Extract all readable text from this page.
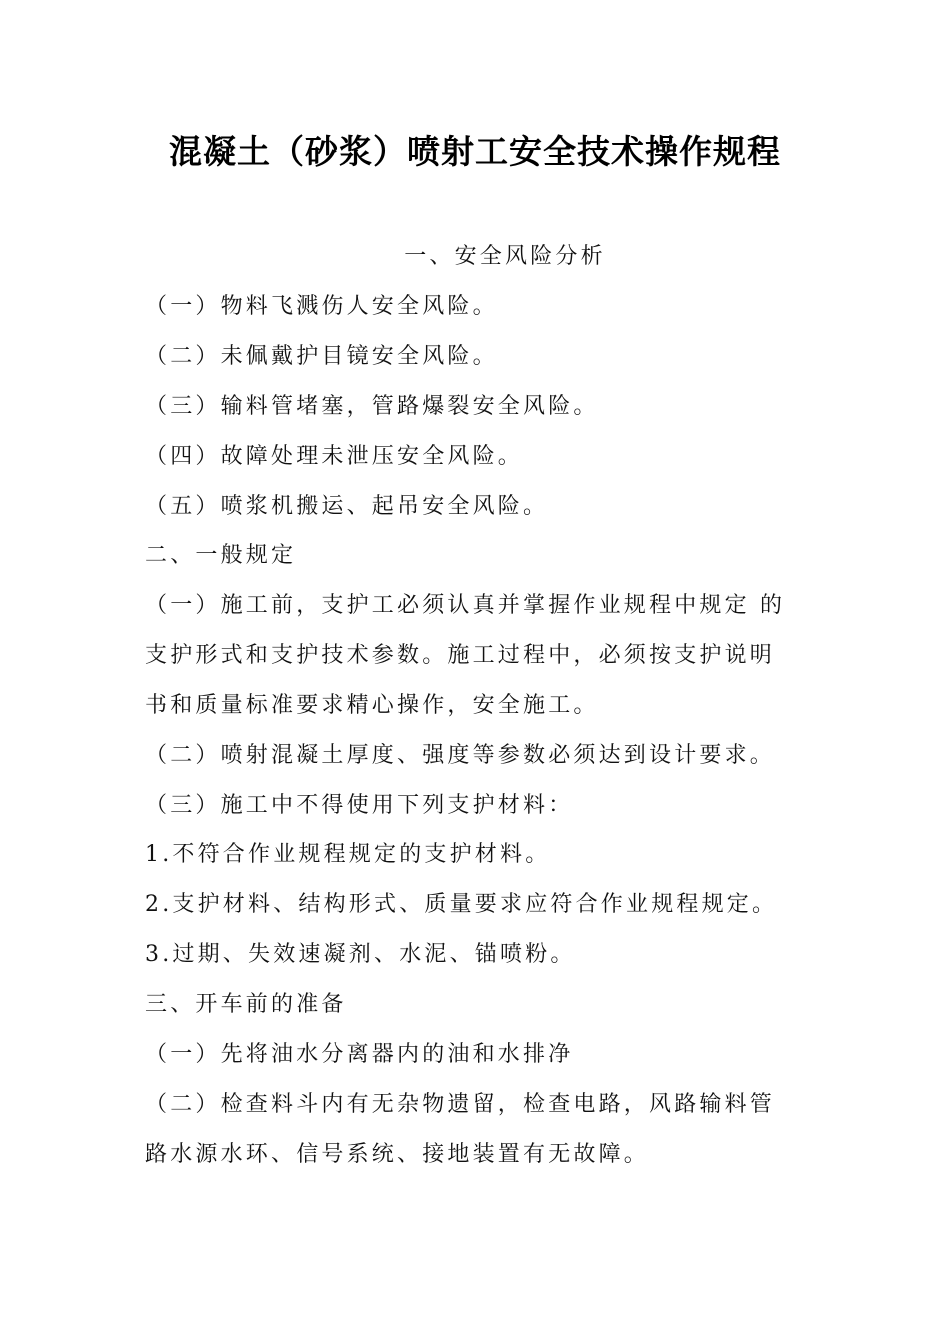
混凝土（砂浆）喷射工安全技术操作规程
一、安全风险分析
（一）物料飞溅伤人安全风险。
（二）未佩戴护目镜安全风险。
（三）输料管堵塞，管路爆裂安全风险。
（四）故障处理未泄压安全风险。
（五）喷浆机搬运、起吊安全风险。
二、一般规定
（一）施工前，支护工必须认真并掌握作业规程中规定 的
支护形式和支护技术参数。施工过程中，必须按支护说明
书和质量标准要求精心操作，安全施工。
（二）喷射混凝土厚度、强度等参数必须达到设计要求。
（三）施工中不得使用下列支护材料：
1.不符合作业规程规定的支护材料。
2.支护材料、结构形式、质量要求应符合作业规程规定。
3.过期、失效速凝剂、水泥、锚喷粉。
三、开车前的准备
（一）先将油水分离器内的油和水排净
（二）检查料斗内有无杂物遗留，检查电路，风路输料管
路水源水环、信号系统、接地装置有无故障。
